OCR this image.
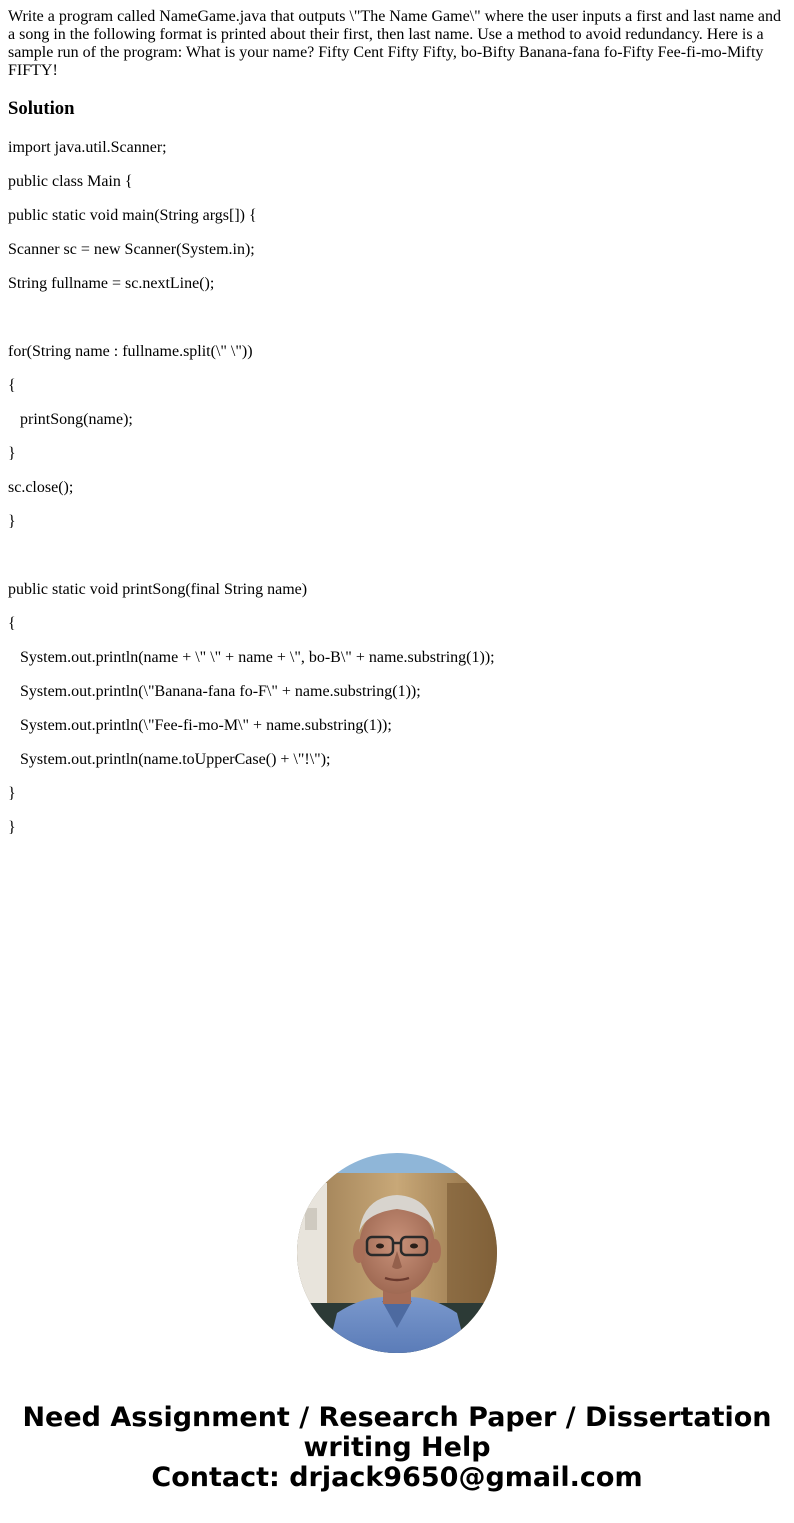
Write a program called NameGame.java that outputs \"The Name Game\" where the user inputs a first and last name and a song in the following format is printed about their first, then last name. Use a method to avoid redundancy. Here is a sample run of the program: What is your name? Fifty Cent Fifty Fifty, bo-Bifty Banana-fana fo-Fifty Fee-fi-mo-Mifty FIFTY!

Solution

import java.util.Scanner;

public class Main {

public static void main(String args[]) {

Scanner sc = new Scanner(System.in);

String fullname = sc.nextLine();

for(String name : fullname.split(\" \"))

{

printSong(name);

}

sc.close();

}

public static void printSong(final String name)

{

System.out.println(name + \" \" + name + \", bo-B\" + name.substring(1));

System.out.println(\"Banana-fana fo-F\" + name.substring(1));

System.out.println(\"Fee-fi-mo-M\" + name.substring(1));

System.out.println(name.toUpperCase() + \"!\");

}

}

Need Assignment / Research Paper / Dissertation
writing Help
Contact: drjack9650@gmail.com
